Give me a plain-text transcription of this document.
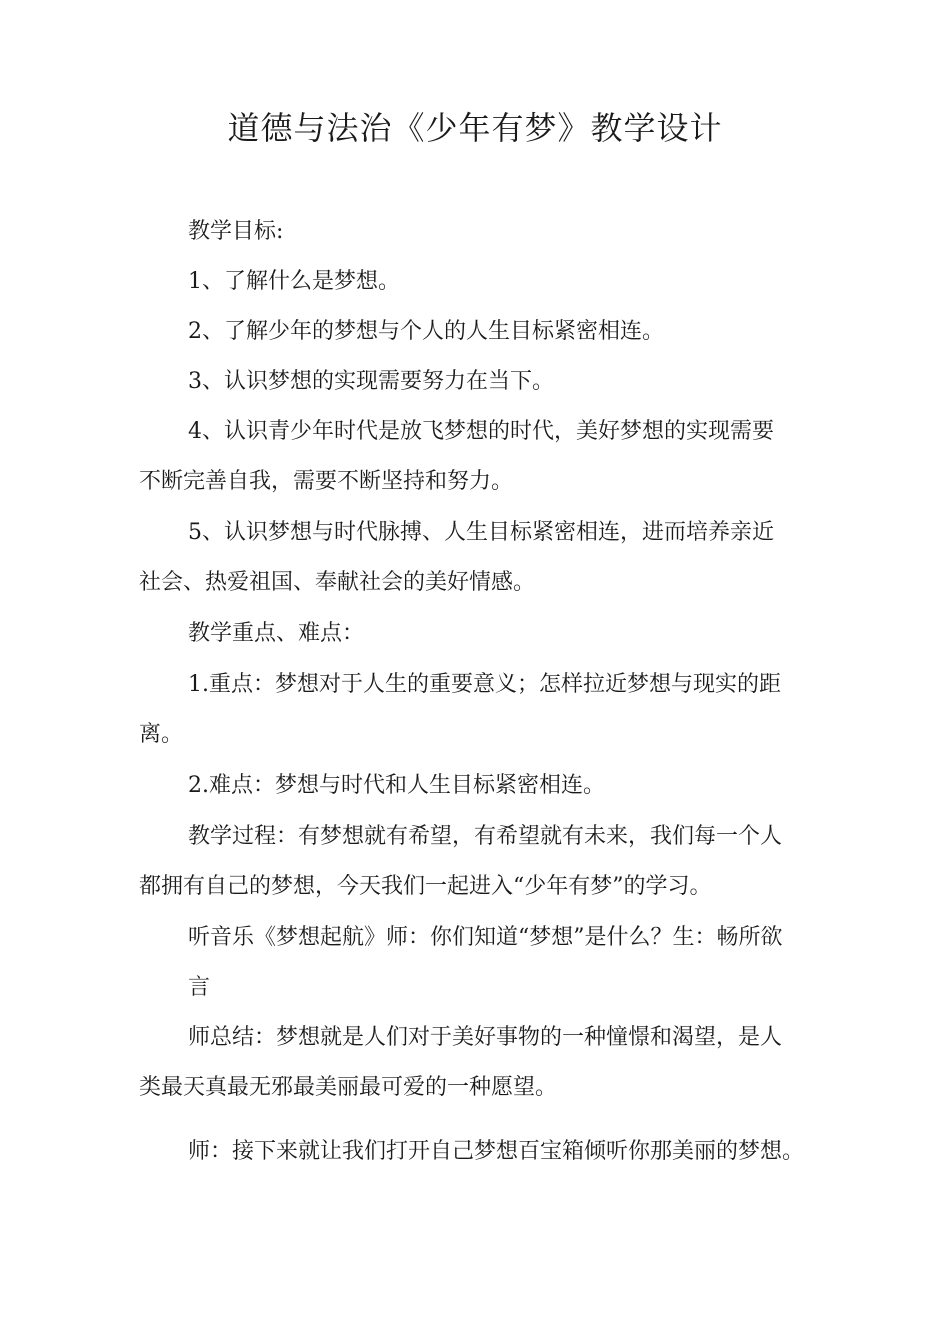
道德与法治《少年有梦》教学设计
教学目标:
1、了解什么是梦想。
2、了解少年的梦想与个人的人生目标紧密相连。
3、认识梦想的实现需要努力在当下。
4、认识青少年时代是放飞梦想的时代，美好梦想的实现需要
不断完善自我，需要不断坚持和努力。
5、认识梦想与时代脉搏、人生目标紧密相连，进而培养亲近
社会、热爱祖国、奉献社会的美好情感。
教学重点、难点：
1.重点：梦想对于人生的重要意义；怎样拉近梦想与现实的距
离。
2.难点：梦想与时代和人生目标紧密相连。
教学过程：有梦想就有希望，有希望就有未来，我们每一个人
都拥有自己的梦想，今天我们一起进入“少年有梦”的学习。
听音乐《梦想起航》师：你们知道“梦想”是什么？生：畅所欲
言
师总结：梦想就是人们对于美好事物的一种憧憬和渴望，是人
类最天真最无邪最美丽最可爱的一种愿望。
师：接下来就让我们打开自己梦想百宝箱倾听你那美丽的梦想。
